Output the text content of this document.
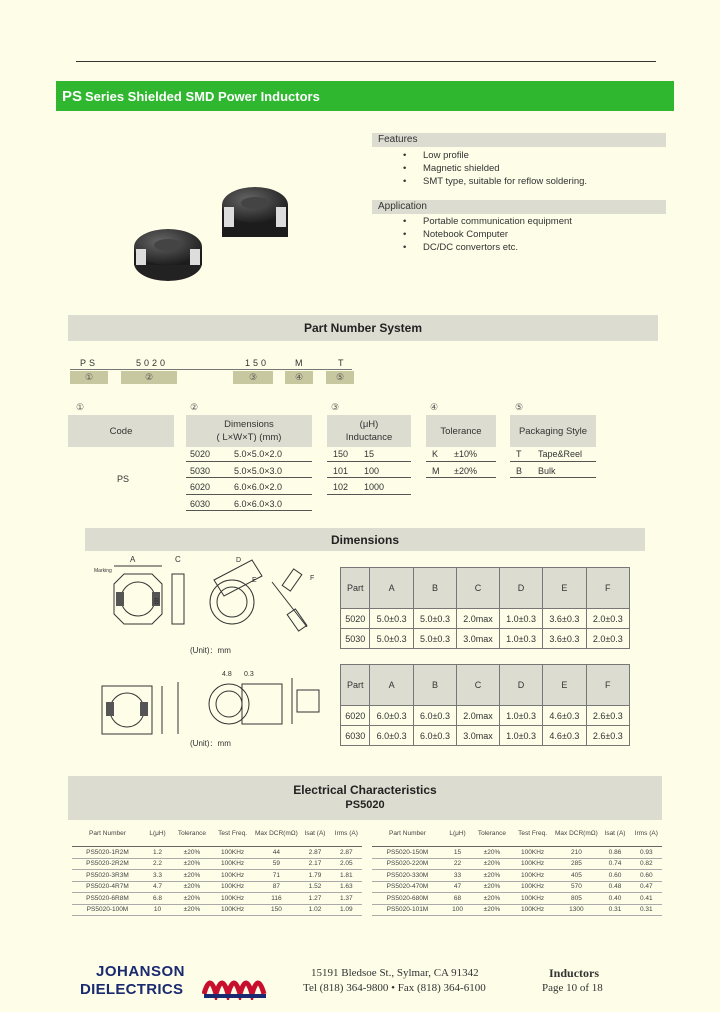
PS Series Shielded SMD Power Inductors
Features
• Low profile
• Magnetic shielded
• SMT type, suitable for reflow soldering.
Application
• Portable communication equipment
• Notebook Computer
• DC/DC convertors etc.
Part Number System
PS	5020	150	M	T
①	②	③	④	⑤
①	②	③	④	⑤
Code
Dimensions
( L×W×T) (mm)
(μH)
Inductance
Tolerance	Packaging Style
PS
5020	5.0×5.0×2.0
5030	5.0×5.0×3.0
6020	6.0×6.0×2.0
6030	6.0×6.0×3.0
150 15
101 100
102 1000
K ±10%
M ±20%
T Tape&Reel
B Bulk
Dimensions
A	C
B
Marking
D
E	F
(Unit)：mm
4.8 0.3
(Unit)：mm
Part	A	B	C	D	E	F
5020	5.0±0.3	5.0±0.3	2.0max	1.0±0.3	3.6±0.3	2.0±0.3
5030	5.0±0.3	5.0±0.3	3.0max	1.0±0.3	3.6±0.3	2.0±0.3
Part	A	B	C	D	E	F
6020	6.0±0.3	6.0±0.3	2.0max	1.0±0.3	4.6±0.3	2.6±0.3
6030	6.0±0.3	6.0±0.3	3.0max	1.0±0.3	4.6±0.3	2.6±0.3
Electrical Characteristics
PS5020
Part Number	L(μH)	Tolerance	Test Freq.	Max DCR(mΩ)	Isat (A)	Irms (A)
PS5020-1R2M	1.2	±20%	100KHz	44	2.87	2.87
PS5020-2R2M	2.2	±20%	100KHz	59	2.17	2.05
PS5020-3R3M	3.3	±20%	100KHz	71	1.79	1.81
PS5020-4R7M	4.7	±20%	100KHz	87	1.52	1.63
PS5020-6R8M	6.8	±20%	100KHz	116	1.27	1.37
PS5020-100M	10	±20%	100KHz	150	1.02	1.09
Part Number	L(μH)	Tolerance	Test Freq.	Max DCR(mΩ)	Isat (A)	Irms (A)
PS5020-150M	15	±20%	100KHz	210	0.86	0.93
PS5020-220M	22	±20%	100KHz	285	0.74	0.82
PS5020-330M	33	±20%	100KHz	405	0.60	0.60
PS5020-470M	47	±20%	100KHz	570	0.48	0.47
PS5020-680M	68	±20%	100KHz	805	0.40	0.41
PS5020-101M	100	±20%	100KHz	1300	0.31	0.31
JOHANSON
DIELECTRICS
15191 Bledsoe St., Sylmar, CA 91342
Tel (818) 364-9800 • Fax (818) 364-6100
Inductors
Page 10 of 18
